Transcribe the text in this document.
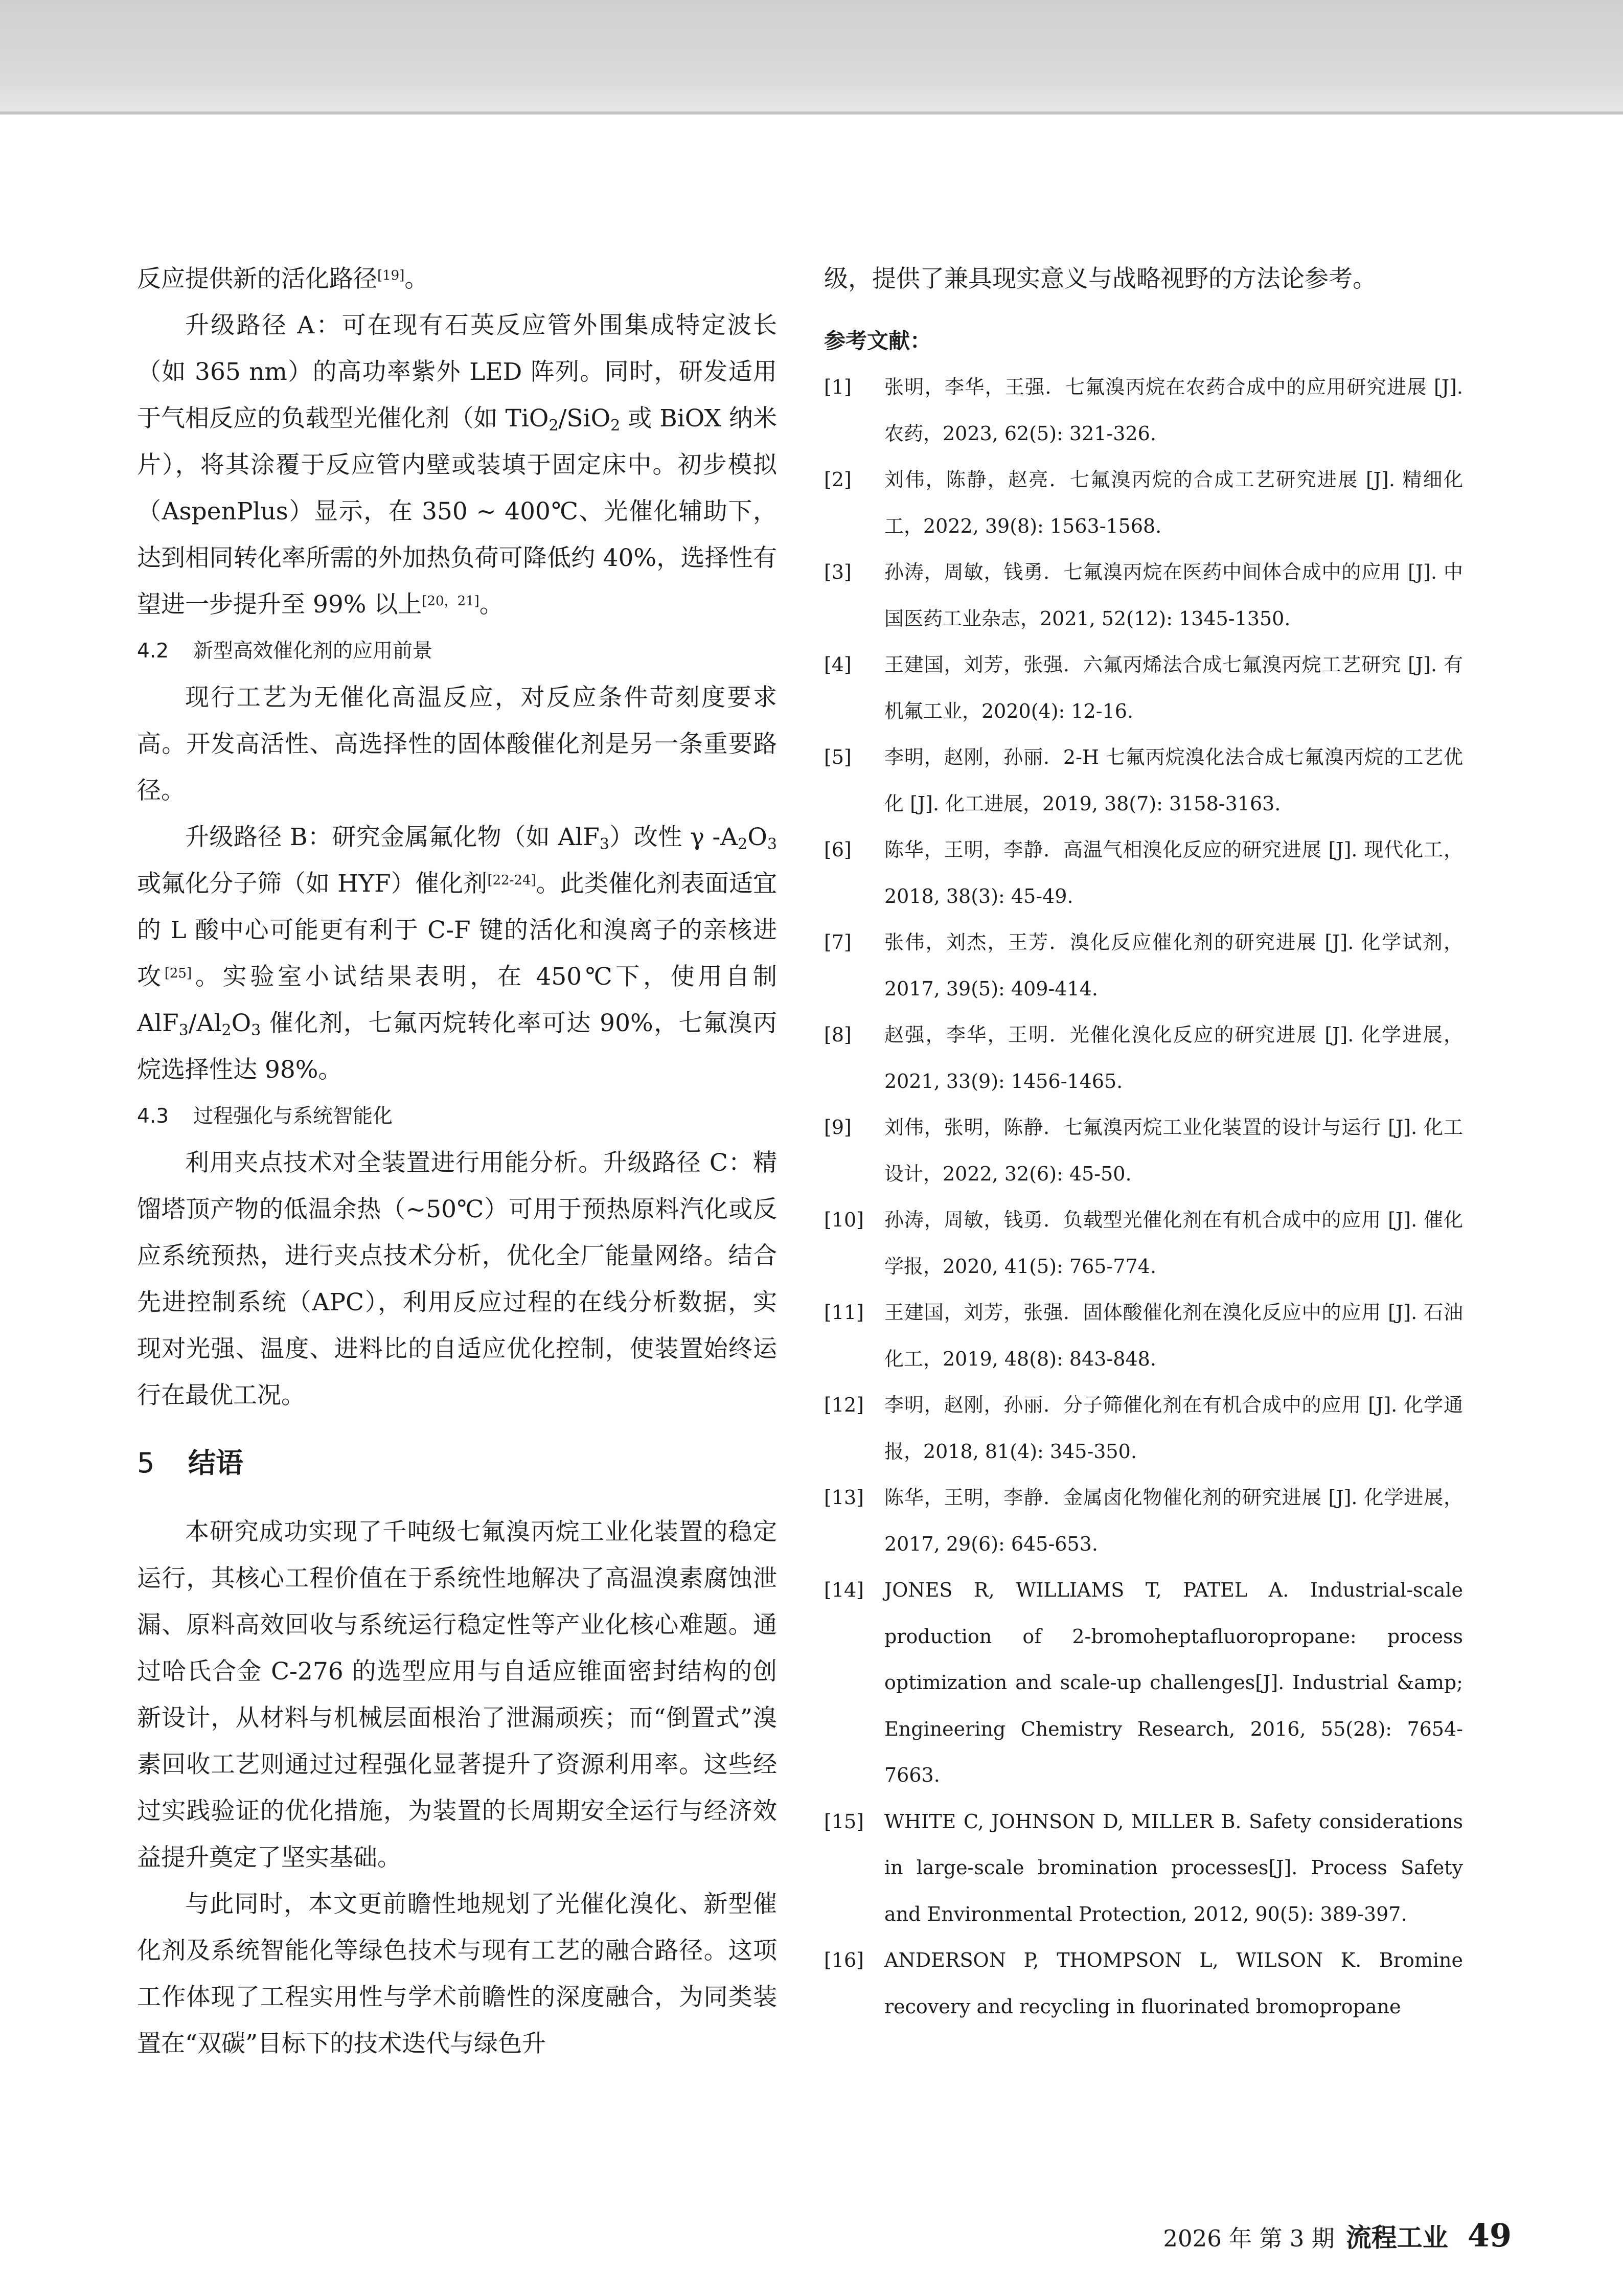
反应提供新的活化路径[19]。

升级路径 A：可在现有石英反应管外围集成特定波长（如 365 nm）的高功率紫外 LED 阵列。同时，研发适用于气相反应的负载型光催化剂（如 TiO$_2$/SiO$_2$ 或 BiOX 纳米片），将其涂覆于反应管内壁或装填于固定床中。初步模拟（AspenPlus）显示，在 350 ~ 400℃、光催化辅助下，达到相同转化率所需的外加热负荷可降低约 40%，选择性有望进一步提升至 99% 以上[20，21]。

4.2 新型高效催化剂的应用前景

现行工艺为无催化高温反应，对反应条件苛刻度要求高。开发高活性、高选择性的固体酸催化剂是另一条重要路径。

升级路径 B：研究金属氟化物（如 AlF$_3$）改性 γ $-A_2O_3$ 或氟化分子筛（如 HYF）催化剂[22-24]。此类催化剂表面适宜的 L 酸中心可能更有利于 C-F 键的活化和溴离子的亲核进攻[25]。实验室小试结果表明，在 450℃下，使用自制 $AlF_3/Al_2O_3$ 催化剂，七氟丙烷转化率可达 90%，七氟溴丙烷选择性达 98%。

4.3 过程强化与系统智能化

利用夹点技术对全装置进行用能分析。升级路径 C：精馏塔顶产物的低温余热（~50℃）可用于预热原料汽化或反应系统预热，进行夹点技术分析，优化全厂能量网络。结合先进控制系统（APC），利用反应过程的在线分析数据，实现对光强、温度、进料比的自适应优化控制，使装置始终运行在最优工况。

5 结语

本研究成功实现了千吨级七氟溴丙烷工业化装置的稳定运行，其核心工程价值在于系统性地解决了高温溴素腐蚀泄漏、原料高效回收与系统运行稳定性等产业化核心难题。通过哈氏合金 C-276 的选型应用与自适应锥面密封结构的创新设计，从材料与机械层面根治了泄漏顽疾；而“倒置式”溴素回收工艺则通过过程强化显著提升了资源利用率。这些经过实践验证的优化措施，为装置的长周期安全运行与经济效益提升奠定了坚实基础。

与此同时，本文更前瞻性地规划了光催化溴化、新型催化剂及系统智能化等绿色技术与现有工艺的融合路径。这项工作体现了工程实用性与学术前瞻性的深度融合，为同类装置在“双碳”目标下的技术迭代与绿色升

级，提供了兼具现实意义与战略视野的方法论参考。

参考文献：
[1] 张明，李华，王强．七氟溴丙烷在农药合成中的应用研究进展 [J]. 农药，2023, 62(5): 321-326.
[2] 刘伟，陈静，赵亮．七氟溴丙烷的合成工艺研究进展 [J]. 精细化工，2022, 39(8): 1563-1568.
[3] 孙涛，周敏，钱勇．七氟溴丙烷在医药中间体合成中的应用 [J]. 中国医药工业杂志，2021, 52(12): 1345-1350.
[4] 王建国，刘芳，张强．六氟丙烯法合成七氟溴丙烷工艺研究 [J]. 有机氟工业，2020(4): 12-16.
[5] 李明，赵刚，孙丽．2-H 七氟丙烷溴化法合成七氟溴丙烷的工艺优化 [J]. 化工进展，2019, 38(7): 3158-3163.
[6] 陈华，王明，李静．高温气相溴化反应的研究进展 [J]. 现代化工，2018, 38(3): 45-49.
[7] 张伟，刘杰，王芳．溴化反应催化剂的研究进展 [J]. 化学试剂，2017, 39(5): 409-414.
[8] 赵强，李华，王明．光催化溴化反应的研究进展 [J]. 化学进展，2021, 33(9): 1456-1465.
[9] 刘伟，张明，陈静．七氟溴丙烷工业化装置的设计与运行 [J]. 化工设计，2022, 32(6): 45-50.
[10] 孙涛，周敏，钱勇．负载型光催化剂在有机合成中的应用 [J]. 催化学报，2020, 41(5): 765-774.
[11] 王建国，刘芳，张强．固体酸催化剂在溴化反应中的应用 [J]. 石油化工，2019, 48(8): 843-848.
[12] 李明，赵刚，孙丽．分子筛催化剂在有机合成中的应用 [J]. 化学通报，2018, 81(4): 345-350.
[13] 陈华，王明，李静．金属卤化物催化剂的研究进展 [J]. 化学进展，2017, 29(6): 645-653.
[14] JONES R, WILLIAMS T, PATEL A. Industrial-scale production of 2-bromoheptafluoropropane: process optimization and scale-up challenges[J]. Industrial &amp; Engineering Chemistry Research, 2016, 55(28): 7654-7663.
[15] WHITE C, JOHNSON D, MILLER B. Safety considerations in large-scale bromination processes[J]. Process Safety and Environmental Protection, 2012, 90(5): 389-397.
[16] ANDERSON P, THOMPSON L, WILSON K. Bromine recovery and recycling in fluorinated bromopropane
2026 年 第 3 期 流程工业 49
